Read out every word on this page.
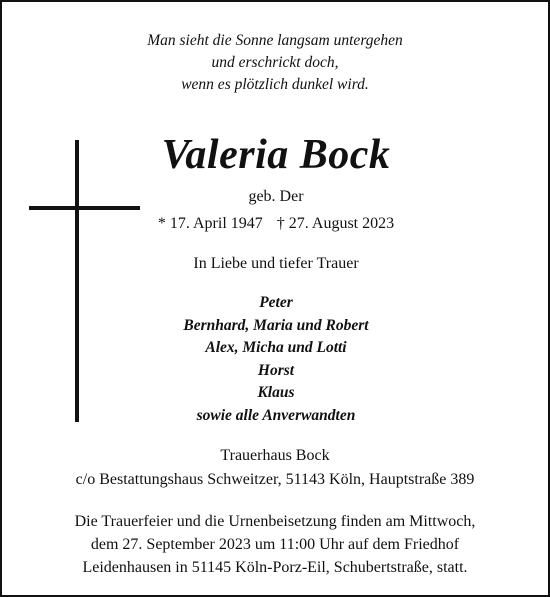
Man sieht die Sonne langsam untergehen
und erschrickt doch,
wenn es plötzlich dunkel wird.
Valeria Bock
geb. Der
* 17. April 1947 † 27. August 2023
In Liebe und tiefer Trauer
Peter
Bernhard, Maria und Robert
Alex, Micha und Lotti
Horst
Klaus
sowie alle Anverwandten
Trauerhaus Bock
c/o Bestattungshaus Schweitzer, 51143 Köln, Hauptstraße 389
Die Trauerfeier und die Urnenbeisetzung finden am Mittwoch,
dem 27. September 2023 um 11:00 Uhr auf dem Friedhof
Leidenhausen in 51145 Köln-Porz-Eil, Schubertstraße, statt.
